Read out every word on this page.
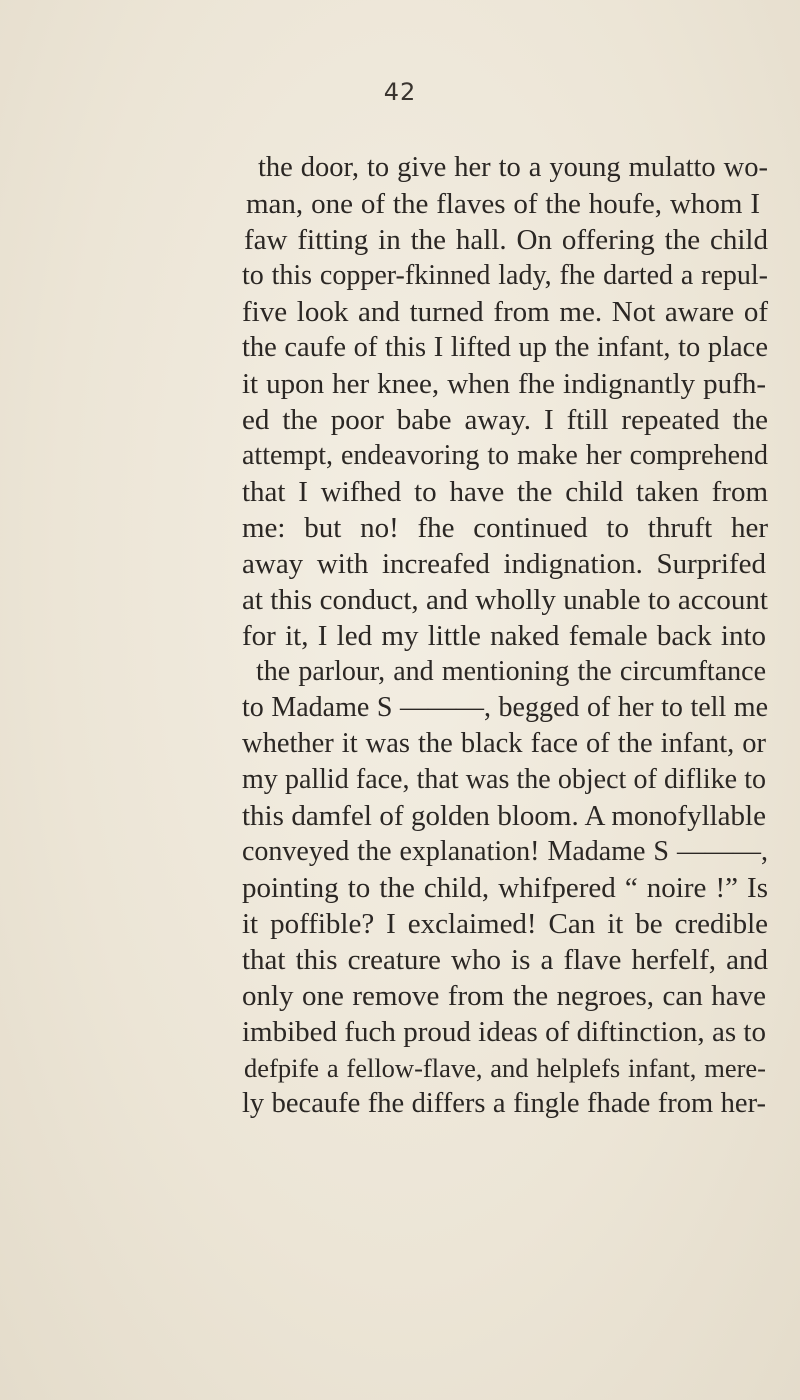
42
the door, to give her to a young mulatto wo-
man, one of the flaves of the houfe, whom I
faw fitting in the hall. On offering the child
to this copper-fkinned lady, fhe darted a repul-
five look and turned from me. Not aware of
the caufe of this I lifted up the infant, to place
it upon her knee, when fhe indignantly pufh-
ed the poor babe away. I ftill repeated the
attempt, endeavoring to make her comprehend
that I wifhed to have the child taken from
me: but no! fhe continued to thruft her
away with increafed indignation. Surprifed
at this conduct, and wholly unable to account
for it, I led my little naked female back into
the parlour, and mentioning the circumftance
to Madame S ———, begged of her to tell me
whether it was the black face of the infant, or
my pallid face, that was the object of diflike to
this damfel of golden bloom. A monofyllable
conveyed the explanation! Madame S ———,
pointing to the child, whifpered “ noire !” Is
it poffible? I exclaimed! Can it be credible
that this creature who is a flave herfelf, and
only one remove from the negroes, can have
imbibed fuch proud ideas of diftinction, as to
defpife a fellow-flave, and helplefs infant, mere-
ly becaufe fhe differs a fingle fhade from her-
